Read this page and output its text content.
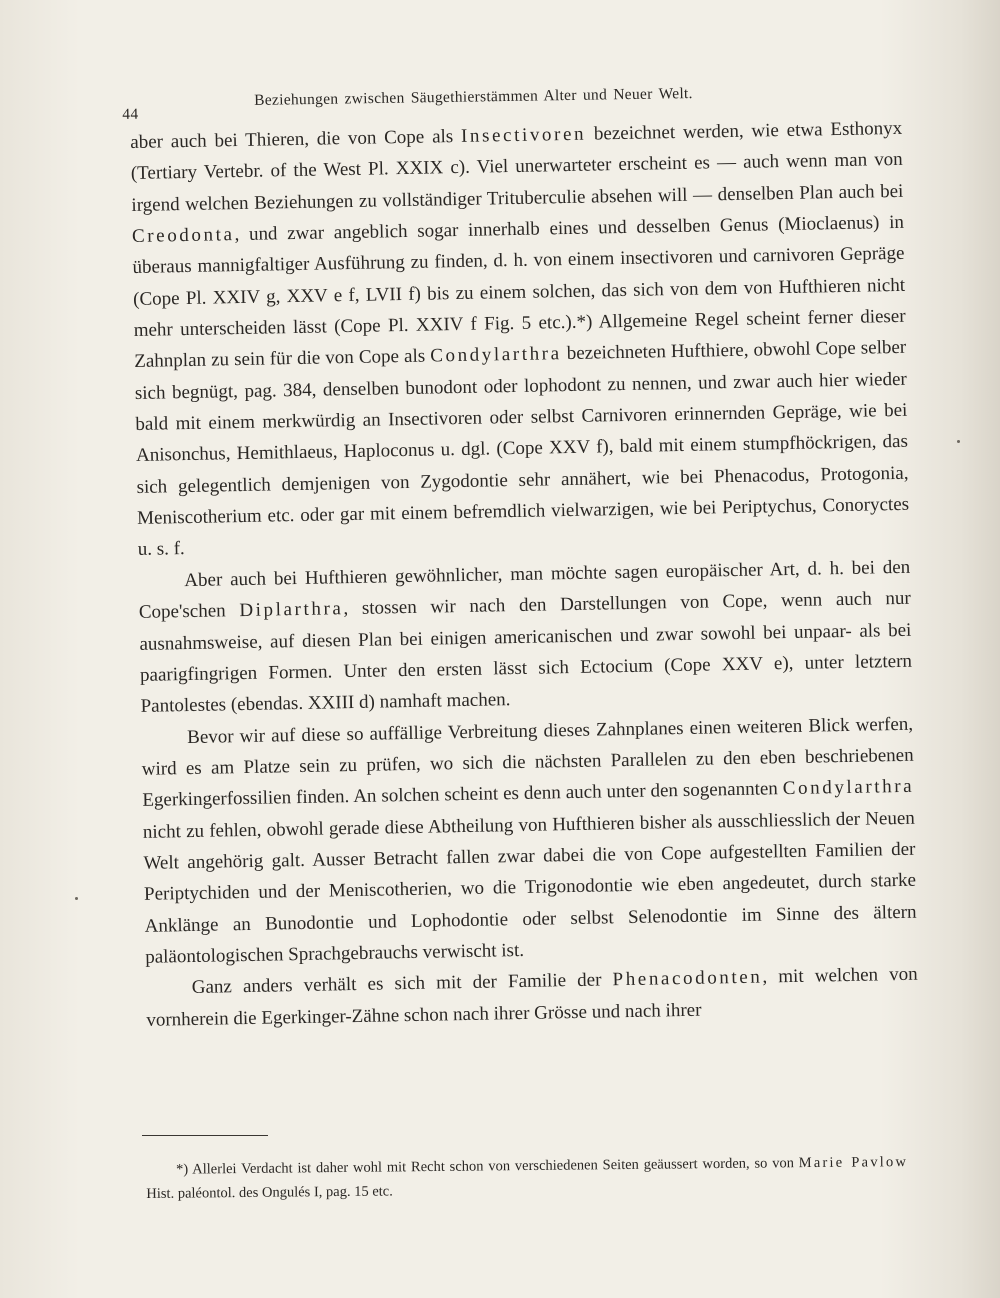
44
Beziehungen zwischen Säugethierstämmen Alter und Neuer Welt.

aber auch bei Thieren, die von Cope als Insectivoren bezeichnet werden, wie etwa Esthonyx (Tertiary Vertebr. of the West Pl. XXIX c). Viel unerwarteter erscheint es — auch wenn man von irgend welchen Beziehungen zu vollständiger Trituberculie absehen will — denselben Plan auch bei Creodonta, und zwar angeblich sogar innerhalb eines und desselben Genus (Mioclaenus) in überaus mannigfaltiger Ausführung zu finden, d. h. von einem insectivoren und carnivoren Gepräge (Cope Pl. XXIV g, XXV e f, LVII f) bis zu einem solchen, das sich von dem von Hufthieren nicht mehr unterscheiden lässt (Cope Pl. XXIV f Fig. 5 etc.).*) Allgemeine Regel scheint ferner dieser Zahnplan zu sein für die von Cope als Condylarthra bezeichneten Hufthiere, obwohl Cope selber sich begnügt, pag. 384, denselben bunodont oder lophodont zu nennen, und zwar auch hier wieder bald mit einem merkwürdig an Insectivoren oder selbst Carnivoren erinnernden Gepräge, wie bei Anisonchus, Hemithlaeus, Haploconus u. dgl. (Cope XXV f), bald mit einem stumpfhöckrigen, das sich gelegentlich demjenigen von Zygodontie sehr annähert, wie bei Phenacodus, Protogonia, Meniscotherium etc. oder gar mit einem befremdlich vielwarzigen, wie bei Periptychus, Conoryctes u. s. f.

Aber auch bei Hufthieren gewöhnlicher, man möchte sagen europäischer Art, d. h. bei den Cope'schen Diplarthra, stossen wir nach den Darstellungen von Cope, wenn auch nur ausnahmsweise, auf diesen Plan bei einigen americanischen und zwar sowohl bei unpaar- als bei paarigfingrigen Formen. Unter den ersten lässt sich Ectocium (Cope XXV e), unter letztern Pantolestes (ebendas. XXIII d) namhaft machen.

Bevor wir auf diese so auffällige Verbreitung dieses Zahnplanes einen weiteren Blick werfen, wird es am Platze sein zu prüfen, wo sich die nächsten Parallelen zu den eben beschriebenen Egerkingerfossilien finden. An solchen scheint es denn auch unter den sogenannten Condylarthra nicht zu fehlen, obwohl gerade diese Abtheilung von Hufthieren bisher als ausschliesslich der Neuen Welt angehörig galt. Ausser Betracht fallen zwar dabei die von Cope aufgestellten Familien der Periptychiden und der Meniscotherien, wo die Trigonodontie wie eben angedeutet, durch starke Anklänge an Bunodontie und Lophodontie oder selbst Selenodontie im Sinne des ältern paläontologischen Sprachgebrauchs verwischt ist.

Ganz anders verhält es sich mit der Familie der Phenacodonten, mit welchen von vornherein die Egerkinger-Zähne schon nach ihrer Grösse und nach ihrer

*) Allerlei Verdacht ist daher wohl mit Recht schon von verschiedenen Seiten geäussert worden, so von Marie Pavlow Hist. paléontol. des Ongulés I, pag. 15 etc.
